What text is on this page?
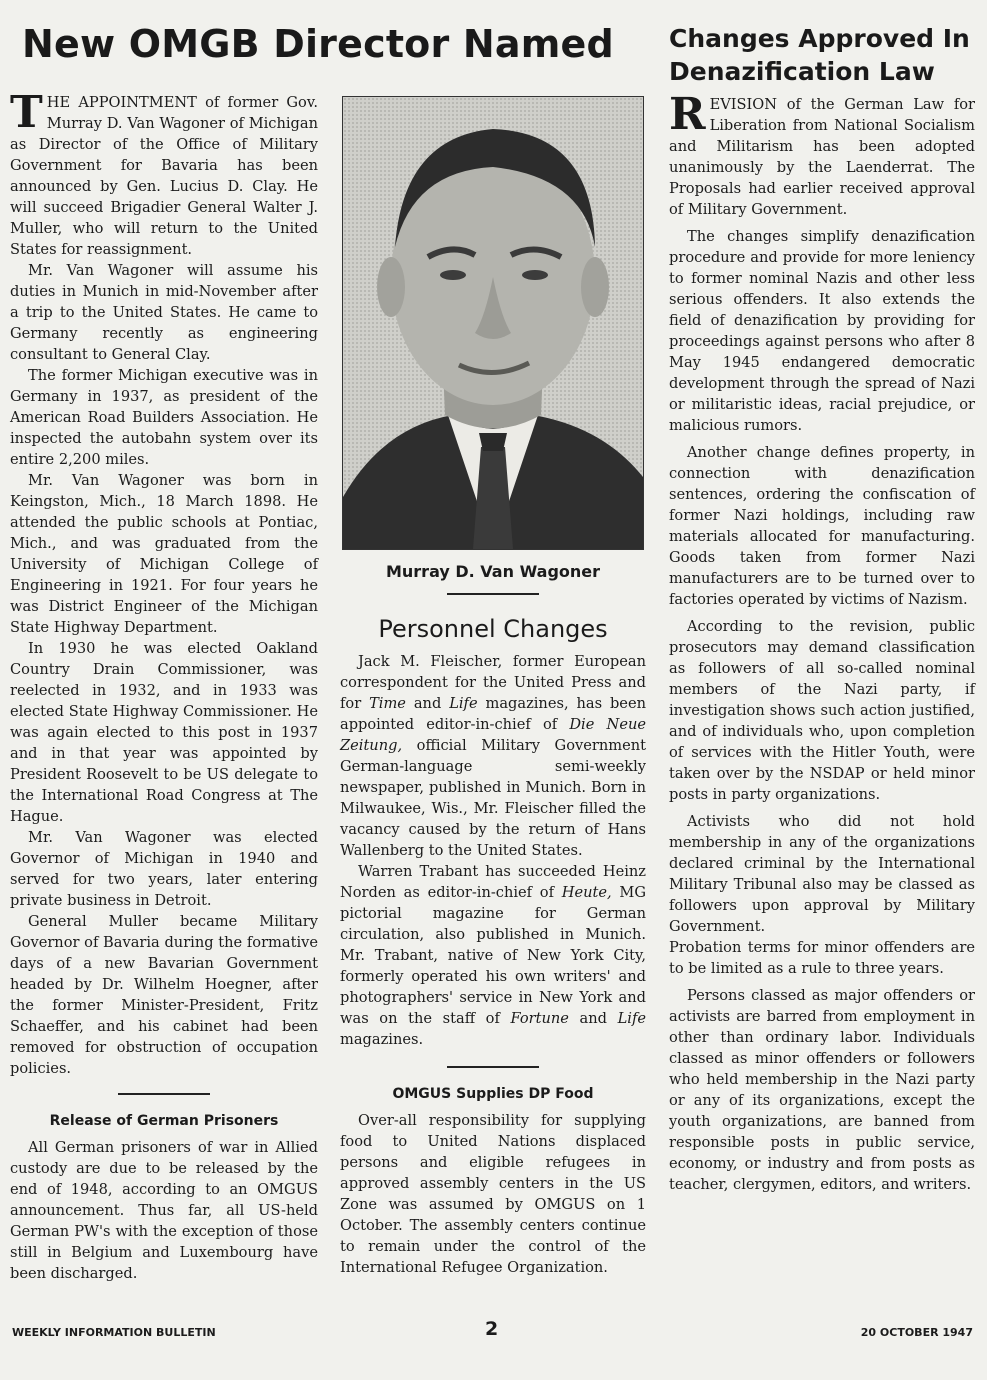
New OMGB Director Named

THE APPOINTMENT of former Gov. Murray D. Van Wagoner of Michigan as Director of the Office of Military Government for Bavaria has been announced by Gen. Lucius D. Clay. He will succeed Brigadier General Walter J. Muller, who will return to the United States for reassignment.

Mr. Van Wagoner will assume his duties in Munich in mid-November after a trip to the United States. He came to Germany recently as engineering consultant to General Clay.

The former Michigan executive was in Germany in 1937, as president of the American Road Builders Association. He inspected the autobahn system over its entire 2,200 miles.

Mr. Van Wagoner was born in Keingston, Mich., 18 March 1898. He attended the public schools at Pontiac, Mich., and was graduated from the University of Michigan College of Engineering in 1921. For four years he was District Engineer of the Michigan State Highway Department.

In 1930 he was elected Oakland Country Drain Commissioner, was reelected in 1932, and in 1933 was elected State Highway Commissioner. He was again elected to this post in 1937 and in that year was appointed by President Roosevelt to be US delegate to the International Road Congress at The Hague.

Mr. Van Wagoner was elected Governor of Michigan in 1940 and served for two years, later entering private business in Detroit.

General Muller became Military Governor of Bavaria during the formative days of a new Bavarian Government headed by Dr. Wilhelm Hoegner, after the former Minister-President, Fritz Schaeffer, and his cabinet had been removed for obstruction of occupation policies.

Release of German Prisoners

All German prisoners of war in Allied custody are due to be released by the end of 1948, according to an OMGUS announcement. Thus far, all US-held German PW's with the exception of those still in Belgium and Luxembourg have been discharged.

Murray D. Van Wagoner
Personnel Changes

Jack M. Fleischer, former European correspondent for the United Press and for Time and Life magazines, has been appointed editor-in-chief of Die Neue Zeitung, official Military Government German-language semi-weekly newspaper, published in Munich. Born in Milwaukee, Wis., Mr. Fleischer filled the vacancy caused by the return of Hans Wallenberg to the United States.

Warren Trabant has succeeded Heinz Norden as editor-in-chief of Heute, MG pictorial magazine for German circulation, also published in Munich. Mr. Trabant, native of New York City, formerly operated his own writers' and photographers' service in New York and was on the staff of Fortune and Life magazines.

OMGUS Supplies DP Food

Over-all responsibility for supplying food to United Nations displaced persons and eligible refugees in approved assembly centers in the US Zone was assumed by OMGUS on 1 October. The assembly centers continue to remain under the control of the International Refugee Organization.

Changes Approved In Denazification Law

REVISION of the German Law for Liberation from National Socialism and Militarism has been adopted unanimously by the Laenderrat. The Proposals had earlier received approval of Military Government.

The changes simplify denazification procedure and provide for more leniency to former nominal Nazis and other less serious offenders. It also extends the field of denazification by providing for proceedings against persons who after 8 May 1945 endangered democratic development through the spread of Nazi or militaristic ideas, racial prejudice, or malicious rumors.

Another change defines property, in connection with denazification sentences, ordering the confiscation of former Nazi holdings, including raw materials allocated for manufacturing. Goods taken from former Nazi manufacturers are to be turned over to factories operated by victims of Nazism.

According to the revision, public prosecutors may demand classification as followers of all so-called nominal members of the Nazi party, if investigation shows such action justified, and of individuals who, upon completion of services with the Hitler Youth, were taken over by the NSDAP or held minor posts in party organizations.

Activists who did not hold membership in any of the organizations declared criminal by the International Military Tribunal also may be classed as followers upon approval by Military Government.

Probation terms for minor offenders are to be limited as a rule to three years.

Persons classed as major offenders or activists are barred from employment in other than ordinary labor. Individuals classed as minor offenders or followers who held membership in the Nazi party or any of its organizations, except the youth organizations, are banned from responsible posts in public service, economy, or industry and from posts as teacher, clergymen, editors, and writers.

WEEKLY INFORMATION BULLETIN	2	20 OCTOBER 1947
